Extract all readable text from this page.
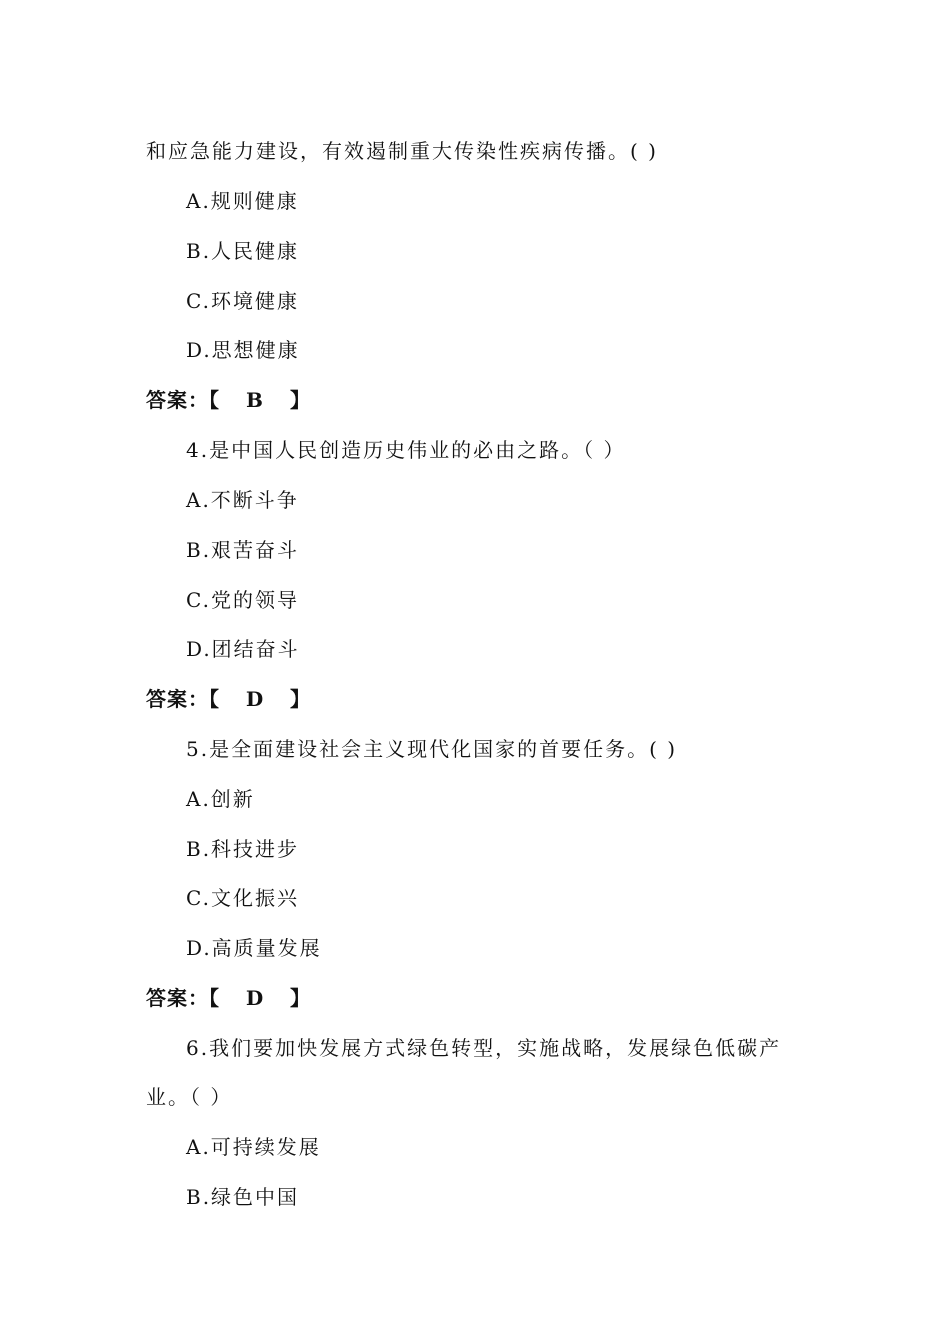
和应急能力建设，有效遏制重大传染性疾病传播。( )
A.规则健康
B.人民健康
C.环境健康
D.思想健康
答案：【 B 】
4.是中国人民创造历史伟业的必由之路。（ ）
A.不断斗争
B.艰苦奋斗
C.党的领导
D.团结奋斗
答案：【 D 】
5.是全面建设社会主义现代化国家的首要任务。( )
A.创新
B.科技进步
C.文化振兴
D.高质量发展
答案：【 D 】
6.我们要加快发展方式绿色转型，实施战略，发展绿色低碳产
业。（ ）
A.可持续发展
B.绿色中国
